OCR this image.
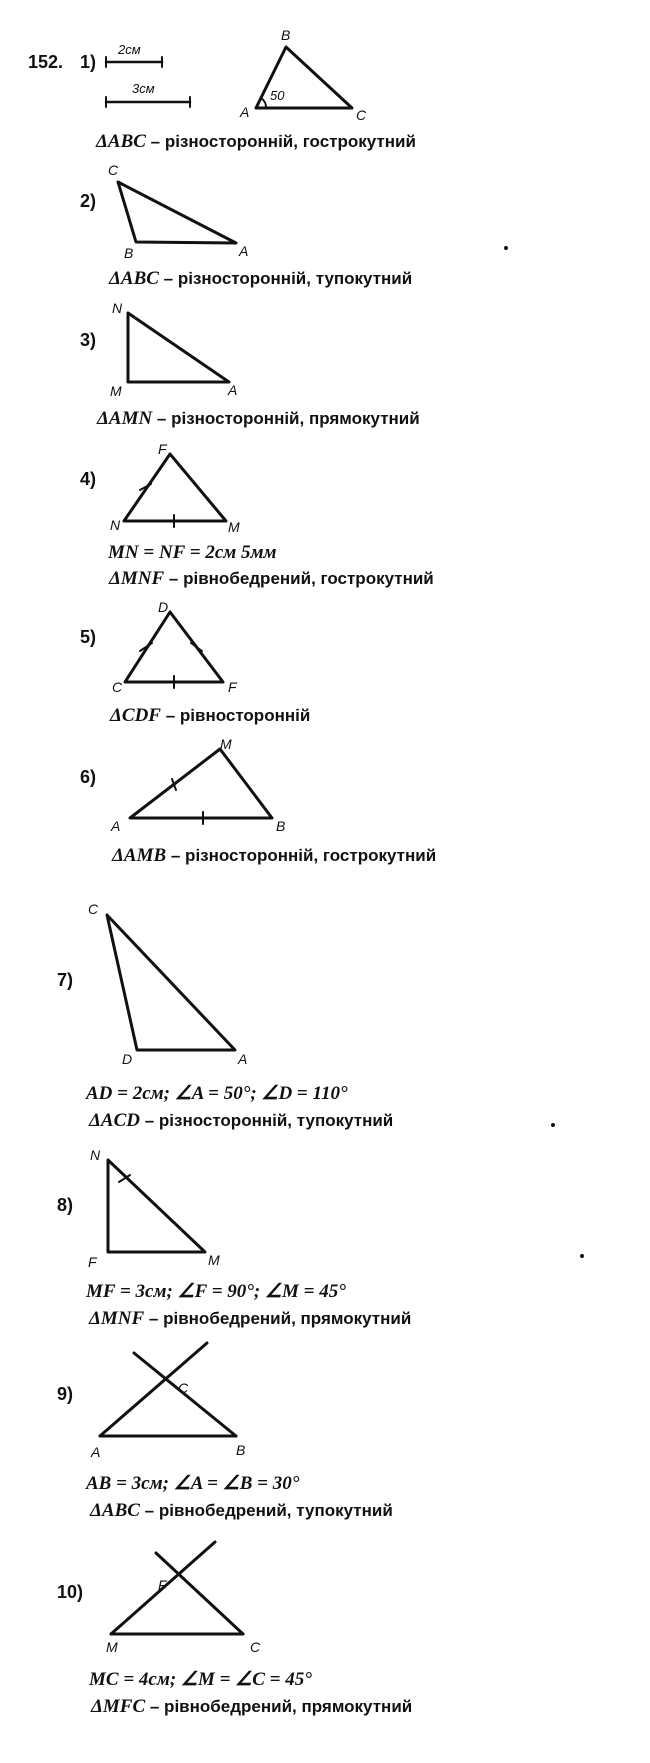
2см
3см	50
B
A	C
C
B	A
N
M	A
F
N	M
D
C	F
M
A	B
C
D	A
N
F	M
C
A	B
F
M	C
152. 1)
2)
3)
4)
5)
6)
7)
8)
9)
10)
ΔABC – різносторонній, гострокутний
ΔABC – різносторонній, тупокутний
ΔAMN – різносторонній, прямокутний
MN = NF = 2см 5мм
ΔMNF – рівнобедрений, гострокутний
ΔCDF – рівносторонній
ΔAMB – різносторонній, гострокутний
AD = 2см; ∠A = 50°; ∠D = 110°
ΔACD – різносторонній, тупокутний
MF = 3см; ∠F = 90°; ∠M = 45°
ΔMNF – рівнобедрений, прямокутний
AB = 3см; ∠A = ∠B = 30°
ΔABC – рівнобедрений, тупокутний
MC = 4см; ∠M = ∠C = 45°
ΔMFC – рівнобедрений, прямокутний
